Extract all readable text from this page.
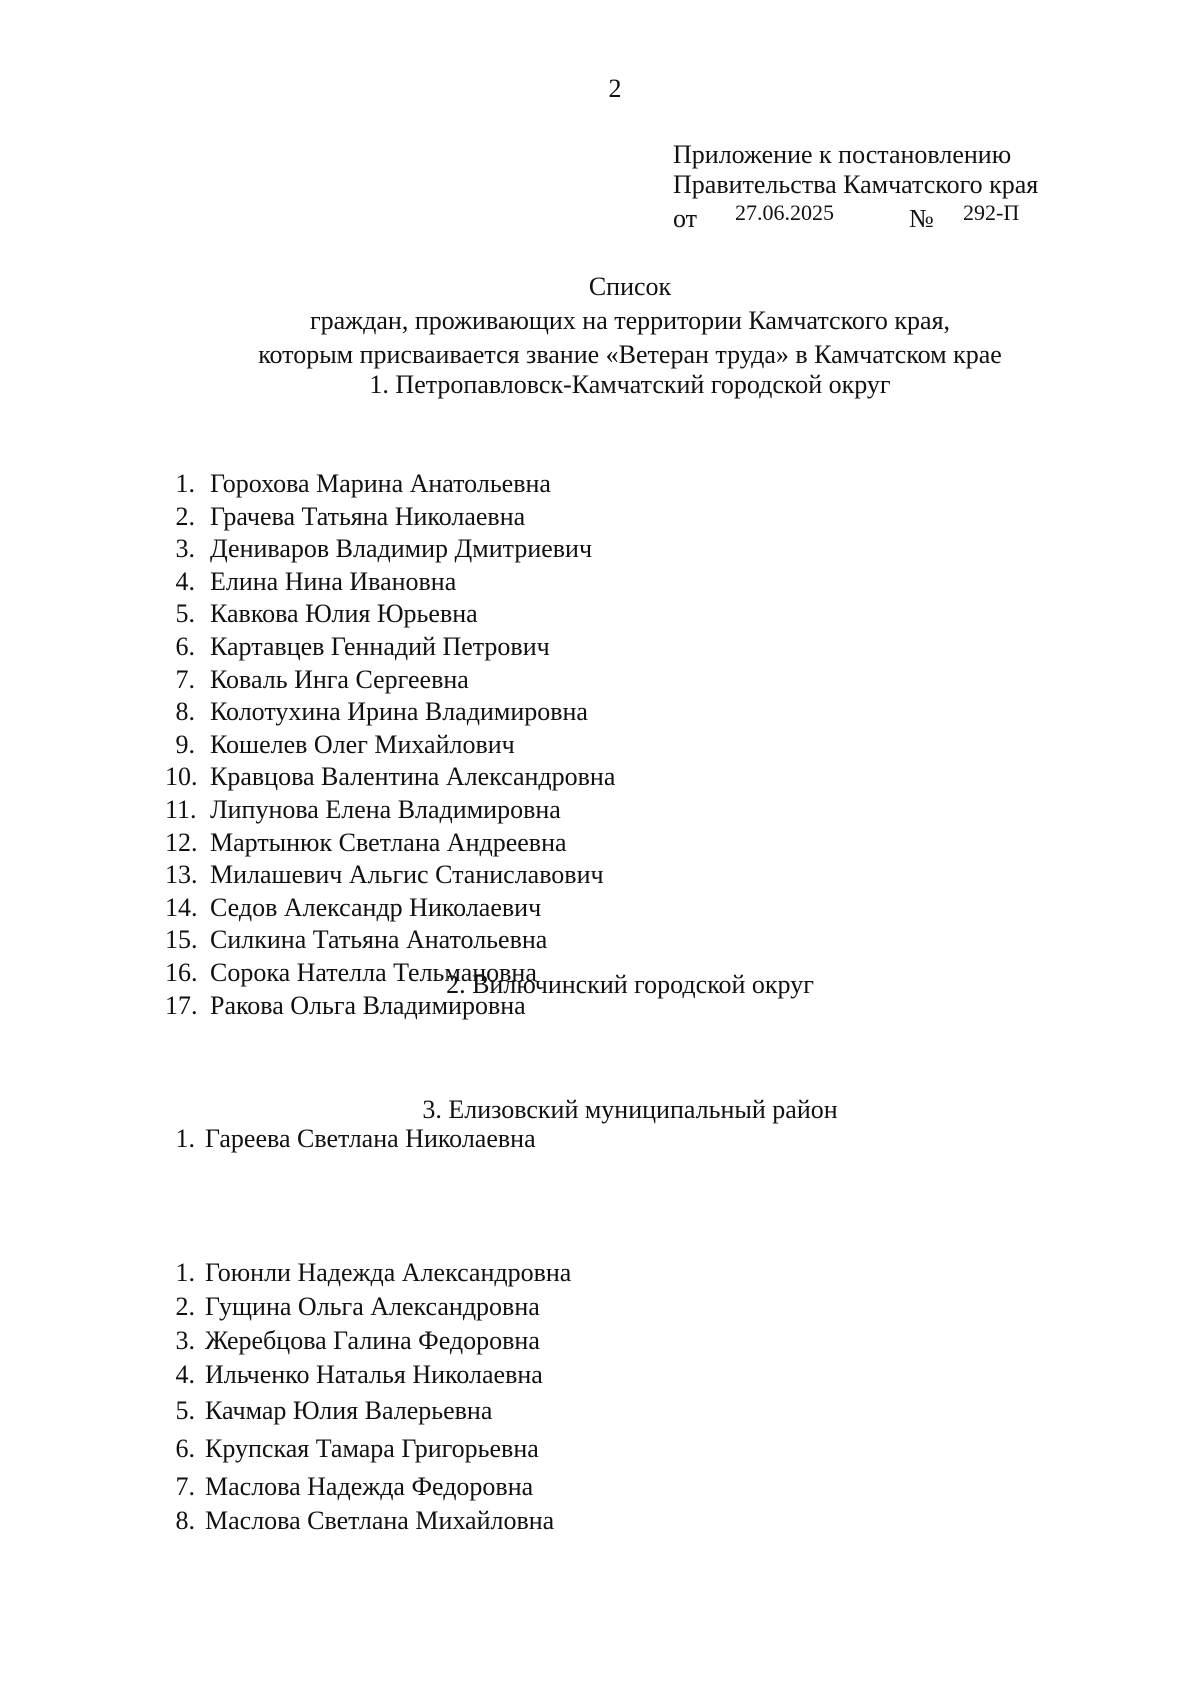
2
Приложение к постановлению
Правительства Камчатского края
от 27.06.2025	№ 292-П
Список
граждан, проживающих на территории Камчатского края,
которым присваивается звание «Ветеран труда» в Камчатском крае
1. Петропавловск-Камчатский городской округ
1. Горохова Марина Анатольевна
2. Грачева Татьяна Николаевна
3. Дениваров Владимир Дмитриевич
4. Елина Нина Ивановна
5. Кавкова Юлия Юрьевна
6. Картавцев Геннадий Петрович
7. Коваль Инга Сергеевна
8. Колотухина Ирина Владимировна
9. Кошелев Олег Михайлович
10. Кравцова Валентина Александровна
11. Липунова Елена Владимировна
12. Мартынюк Светлана Андреевна
13. Милашевич Альгис Станиславович
14. Седов Александр Николаевич
15. Силкина Татьяна Анатольевна
16. Сорока Нателла Тельмановна
17. Ракова Ольга Владимировна
2. Вилючинский городской округ
1. Гареева Светлана Николаевна
3. Елизовский муниципальный район
1. Гоюнли Надежда Александровна
2. Гущина Ольга Александровна
3. Жеребцова Галина Федоровна
4. Ильченко Наталья Николаевна
5. Качмар Юлия Валерьевна
6. Крупская Тамара Григорьевна
7. Маслова Надежда Федоровна
8. Маслова Светлана Михайловна
